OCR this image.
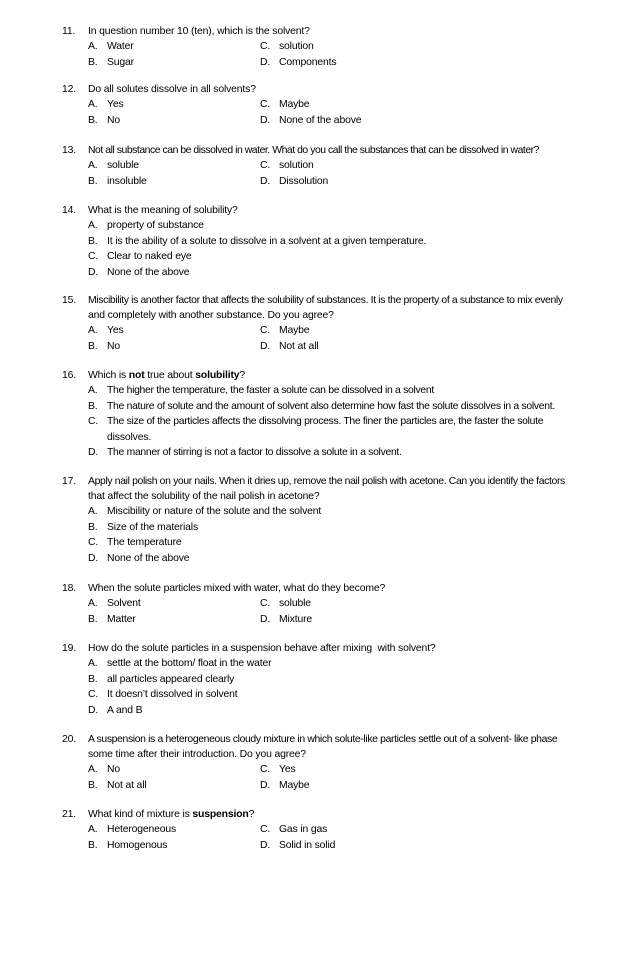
11.	In question number 10 (ten), which is the solvent?
A. Water	C. solution
B. Sugar	D. Components
12.	Do all solutes dissolve in all solvents?
A. Yes	C. Maybe
B. No	D. None of the above
13.	Not all substance can be dissolved in water. What do you call the substances that can be dissolved in water?
A. soluble	C. solution
B. insoluble	D. Dissolution
14.	What is the meaning of solubility?
A. property of substance
B. It is the ability of a solute to dissolve in a solvent at a given temperature.
C. Clear to naked eye
D. None of the above
15.	Miscibility is another factor that affects the solubility of substances. It is the property of a substance to mix evenly
and completely with another substance. Do you agree?
A. Yes	C. Maybe
B. No	D. Not at all
16.	Which is not true about solubility?
A. The higher the temperature, the faster a solute can be dissolved in a solvent
B. The nature of solute and the amount of solvent also determine how fast the solute dissolves in a solvent.
C. The size of the particles affects the dissolving process. The finer the particles are, the faster the solute
dissolves.
D. The manner of stirring is not a factor to dissolve a solute in a solvent.
17.	Apply nail polish on your nails. When it dries up, remove the nail polish with acetone. Can you identify the factors
that affect the solubility of the nail polish in acetone?
A. Miscibility or nature of the solute and the solvent
B. Size of the materials
C. The temperature
D. None of the above
18.	When the solute particles mixed with water, what do they become?
A. Solvent	C. soluble
B. Matter	D. Mixture
19.	How do the solute particles in a suspension behave after mixing  with solvent?
A. settle at the bottom/ float in the water
B. all particles appeared clearly
C. It doesn’t dissolved in solvent
D. A and B
20.	A suspension is a heterogeneous cloudy mixture in which solute-like particles settle out of a solvent- like phase
some time after their introduction. Do you agree?
A. No	C. Yes
B. Not at all	D. Maybe
21.	What kind of mixture is suspension?
A. Heterogeneous	C. Gas in gas
B. Homogenous	D. Solid in solid
